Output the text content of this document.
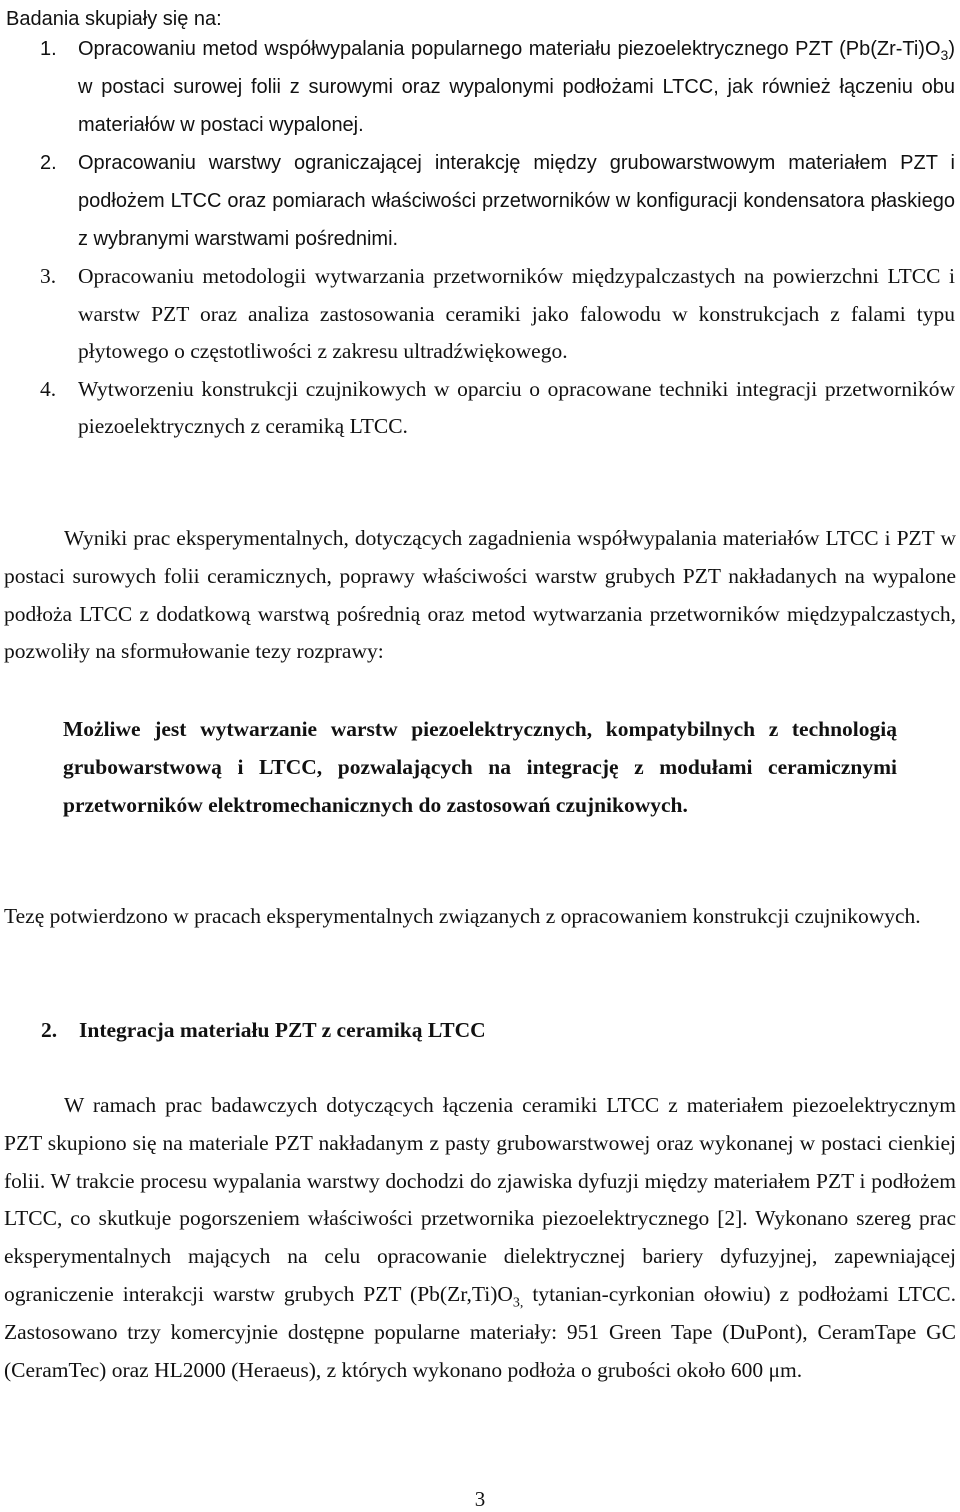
Badania skupiały się na:
1. Opracowaniu metod współwypalania popularnego materiału piezoelektrycznego PZT $(Pb(Zr-Ti)O_3)$ w postaci surowej folii z surowymi oraz wypalonymi podłożami LTCC, jak również łączeniu obu materiałów w postaci wypalonej.
2. Opracowaniu warstwy ograniczającej interakcję między grubowarstwowym materiałem PZT i podłożem LTCC oraz pomiarach właściwości przetworników w konfiguracji kondensatora płaskiego z wybranymi warstwami pośrednimi.
3. Opracowaniu metodologii wytwarzania przetworników międzypalczastych na powierzchni LTCC i warstw PZT oraz analiza zastosowania ceramiki jako falowodu w konstrukcjach z falami typu płytowego o częstotliwości z zakresu ultradźwiękowego.
4. Wytworzeniu konstrukcji czujnikowych w oparciu o opracowane techniki integracji przetworników piezoelektrycznych z ceramiką LTCC.

Wyniki prac eksperymentalnych, dotyczących zagadnienia współwypalania materiałów LTCC i PZT w postaci surowych folii ceramicznych, poprawy właściwości warstw grubych PZT nakładanych na wypalone podłoża LTCC z dodatkową warstwą pośrednią oraz metod wytwarzania przetworników międzypalczastych, pozwoliły na sformułowanie tezy rozprawy:

Możliwe jest wytwarzanie warstw piezoelektrycznych, kompatybilnych z technologią grubowarstwową i LTCC, pozwalających na integrację z modułami ceramicznymi przetworników elektromechanicznych do zastosowań czujnikowych.

Tezę potwierdzono w pracach eksperymentalnych związanych z opracowaniem konstrukcji czujnikowych.

2. Integracja materiału PZT z ceramiką LTCC

W ramach prac badawczych dotyczących łączenia ceramiki LTCC z materiałem piezoelektrycznym PZT skupiono się na materiale PZT nakładanym z pasty grubowarstwowej oraz wykonanej w postaci cienkiej folii. W trakcie procesu wypalania warstwy dochodzi do zjawiska dyfuzji między materiałem PZT i podłożem LTCC, co skutkuje pogorszeniem właściwości przetwornika piezoelektrycznego [2]. Wykonano szereg prac eksperymentalnych mających na celu opracowanie dielektrycznej bariery dyfuzyjnej, zapewniającej ograniczenie interakcji warstw grubych PZT ($Pb(Zr,Ti)O_{3,}$ tytanian-cyrkonian ołowiu) z podłożami LTCC. Zastosowano trzy komercyjnie dostępne popularne materiały: 951 Green Tape (DuPont), CeramTape GC (CeramTec) oraz HL2000 (Heraeus), z których wykonano podłoża o grubości około 600 μm.

3
